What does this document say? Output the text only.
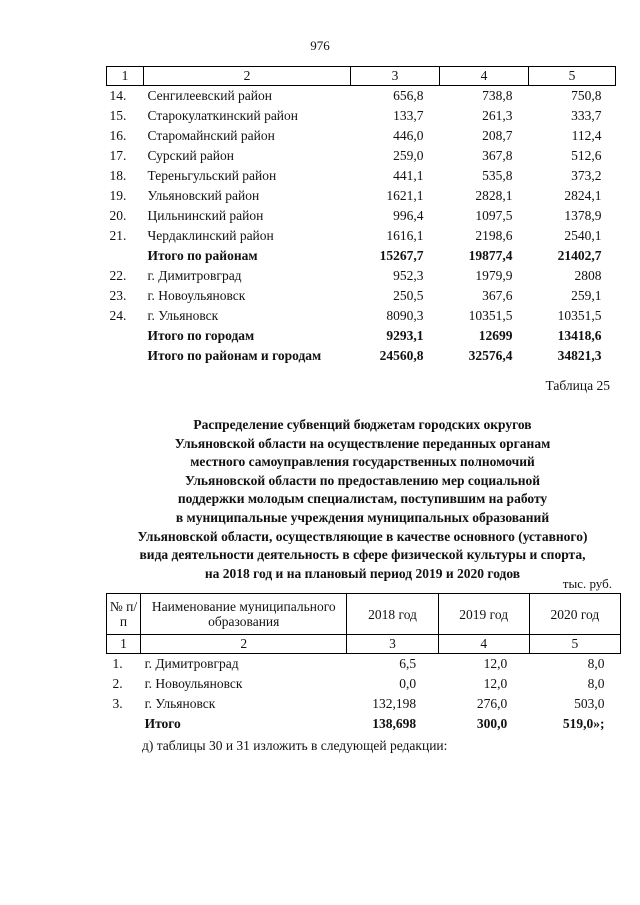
976
1	2	3	4	5
14.	Сенгилеевский район	656,8	738,8	750,8
15.	Старокулаткинский район	133,7	261,3	333,7
16.	Старомайнский район	446,0	208,7	112,4
17.	Сурский район	259,0	367,8	512,6
18.	Тереньгульский район	441,1	535,8	373,2
19.	Ульяновский район	1621,1	2828,1	2824,1
20.	Цильнинский район	996,4	1097,5	1378,9
21.	Чердаклинский район	1616,1	2198,6	2540,1
	Итого по районам	15267,7	19877,4	21402,7
22.	г. Димитровград	952,3	1979,9	2808
23.	г. Новоульяновск	250,5	367,6	259,1
24.	г. Ульяновск	8090,3	10351,5	10351,5
	Итого по городам	9293,1	12699	13418,6
	Итого по районам и городам	24560,8	32576,4	34821,3
Таблица 25
Распределение субвенций бюджетам городских округов
Ульяновской области на осуществление переданных органам
местного самоуправления государственных полномочий
Ульяновской области по предоставлению мер социальной
поддержки молодым специалистам, поступившим на работу
в муниципальные учреждения муниципальных образований
Ульяновской области, осуществляющие в качестве основного (уставного)
вида деятельности деятельность в сфере физической культуры и спорта,
на 2018 год и на плановый период 2019 и 2020 годов
тыс. руб.
№ п/п	Наименование муниципального образования	2018 год	2019 год	2020 год
1	2	3	4	5
1.	г. Димитровград	6,5	12,0	8,0
2.	г. Новоульяновск	0,0	12,0	8,0
3.	г. Ульяновск	132,198	276,0	503,0
	Итого	138,698	300,0	519,0»;
д) таблицы 30 и 31 изложить в следующей редакции:
